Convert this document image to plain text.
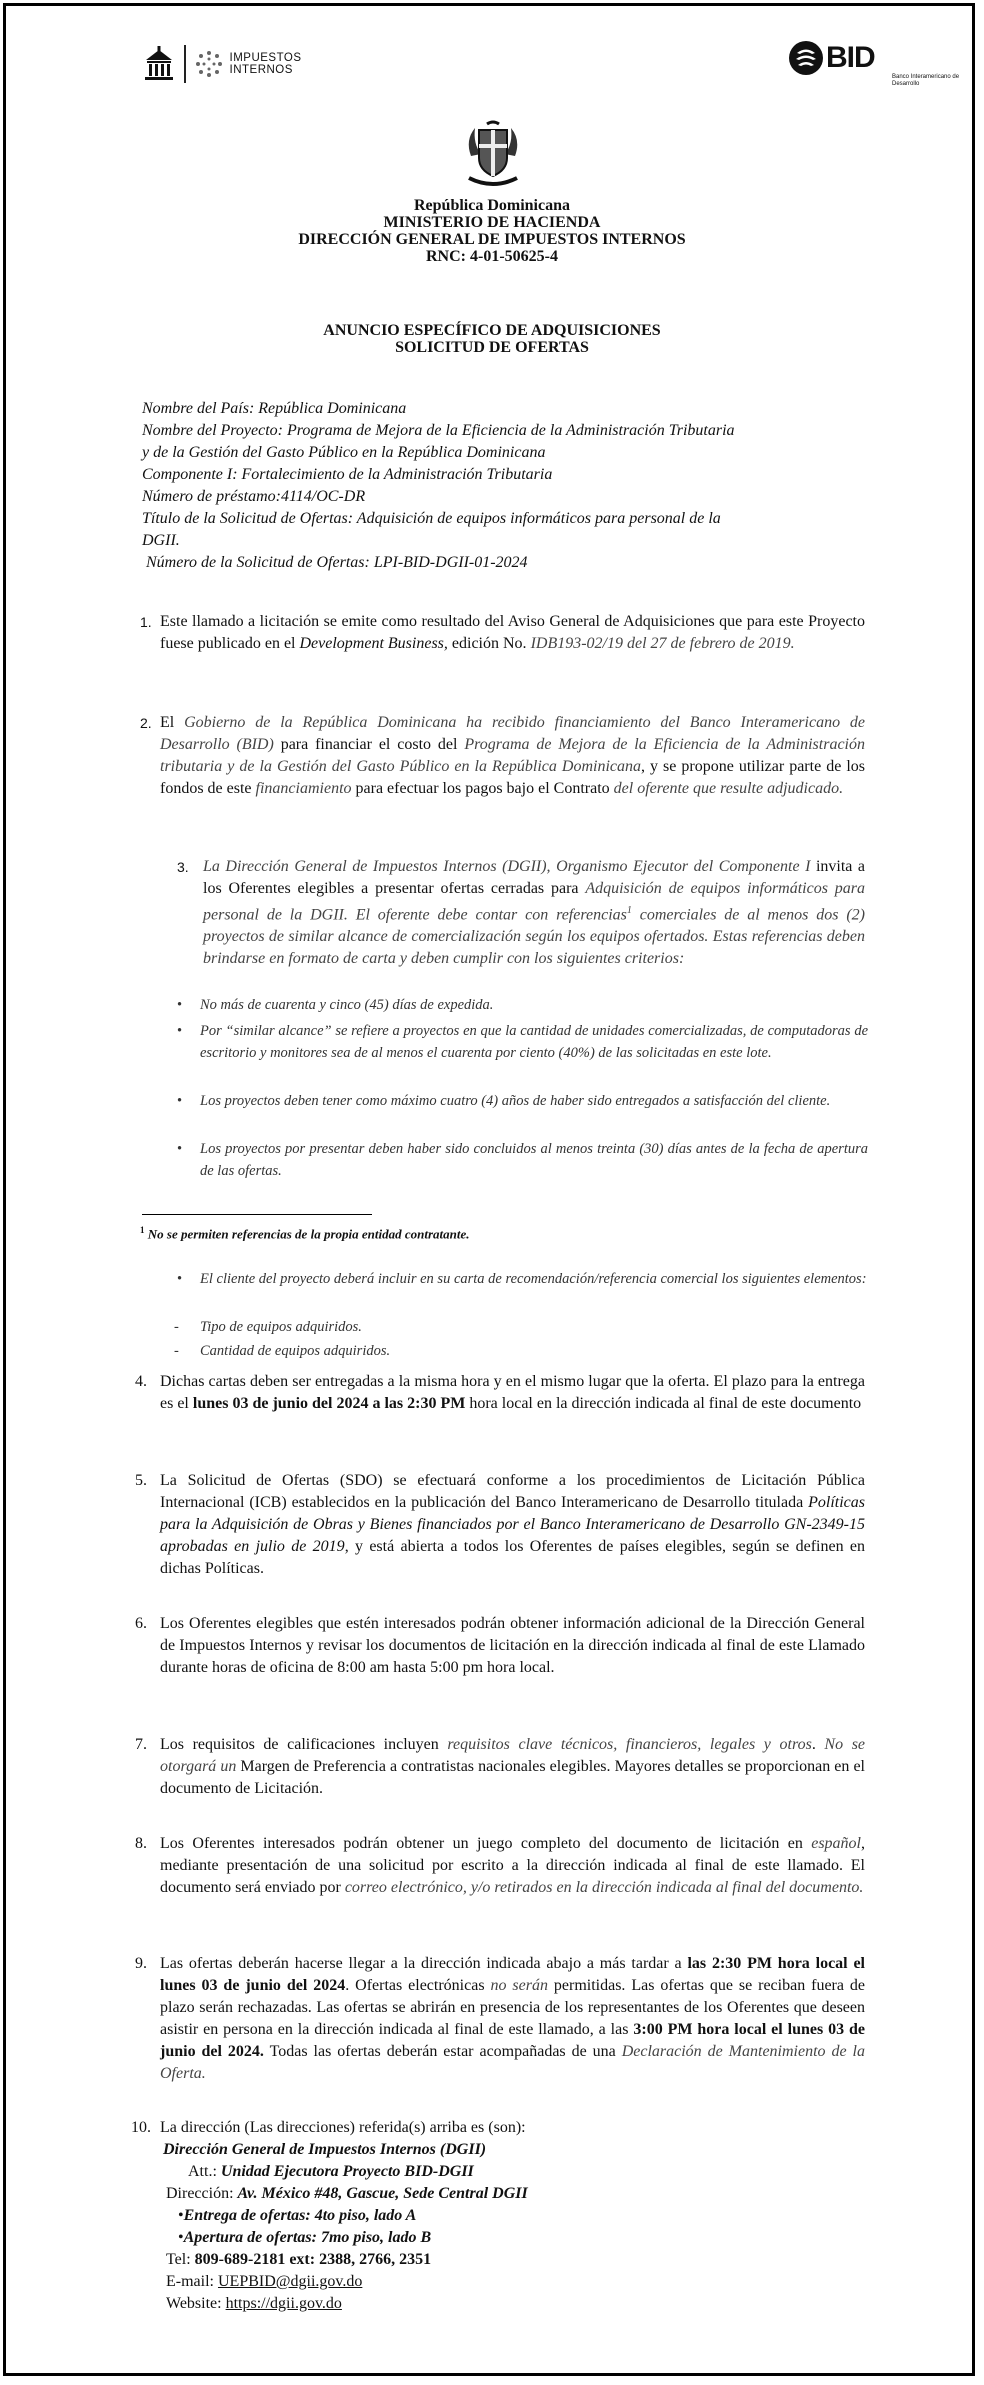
IMPUESTOS
INTERNOS	BID
Banco Interamericano de Desarrollo
República Dominicana
MINISTERIO DE HACIENDA
DIRECCIÓN GENERAL DE IMPUESTOS INTERNOS
RNC: 4-01-50625-4
ANUNCIO ESPECÍFICO DE ADQUISICIONES
SOLICITUD DE OFERTAS
Nombre del País: República Dominicana
Nombre del Proyecto: Programa de Mejora de la Eficiencia de la Administración Tributaria
y de la Gestión del Gasto Público en la República Dominicana
Componente I: Fortalecimiento de la Administración Tributaria
Número de préstamo:4114/OC-DR
Título de la Solicitud de Ofertas: Adquisición de equipos informáticos para personal de la
DGII.
Número de la Solicitud de Ofertas: LPI-BID-DGII-01-2024
1. Este llamado a licitación se emite como resultado del Aviso General de Adquisiciones que para este Proyecto fuese publicado en el Development Business, edición No. IDB193-02/19 del 27 de febrero de 2019.
2. El Gobierno de la República Dominicana ha recibido financiamiento del Banco Interamericano de Desarrollo (BID) para financiar el costo del Programa de Mejora de la Eficiencia de la Administración tributaria y de la Gestión del Gasto Público en la República Dominicana, y se propone utilizar parte de los fondos de este financiamiento para efectuar los pagos bajo el Contrato del oferente que resulte adjudicado.
3. La Dirección General de Impuestos Internos (DGII), Organismo Ejecutor del Componente I invita a los Oferentes elegibles a presentar ofertas cerradas para Adquisición de equipos informáticos para personal de la DGII. El oferente debe contar con referencias$^1$ comerciales de al menos dos (2) proyectos de similar alcance de comercialización según los equipos ofertados. Estas referencias deben brindarse en formato de carta y deben cumplir con los siguientes criterios:
• No más de cuarenta y cinco (45) días de expedida.
• Por “similar alcance” se refiere a proyectos en que la cantidad de unidades comercializadas, de computadoras de escritorio y monitores sea de al menos el cuarenta por ciento (40%) de las solicitadas en este lote.
• Los proyectos deben tener como máximo cuatro (4) años de haber sido entregados a satisfacción del cliente.
• Los proyectos por presentar deben haber sido concluidos al menos treinta (30) días antes de la fecha de apertura de las ofertas.
$^1$ No se permiten referencias de la propia entidad contratante.
• El cliente del proyecto deberá incluir en su carta de recomendación/referencia comercial los siguientes elementos:
- Tipo de equipos adquiridos.
- Cantidad de equipos adquiridos.
4. Dichas cartas deben ser entregadas a la misma hora y en el mismo lugar que la oferta. El plazo para la entrega es el lunes 03 de junio del 2024 a las 2:30 PM hora local en la dirección indicada al final de este documento
5. La Solicitud de Ofertas (SDO) se efectuará conforme a los procedimientos de Licitación Pública Internacional (ICB) establecidos en la publicación del Banco Interamericano de Desarrollo titulada Políticas para la Adquisición de Obras y Bienes financiados por el Banco Interamericano de Desarrollo GN-2349-15 aprobadas en julio de 2019, y está abierta a todos los Oferentes de países elegibles, según se definen en dichas Políticas.
6. Los Oferentes elegibles que estén interesados podrán obtener información adicional de la Dirección General de Impuestos Internos y revisar los documentos de licitación en la dirección indicada al final de este Llamado durante horas de oficina de 8:00 am hasta 5:00 pm hora local.
7. Los requisitos de calificaciones incluyen requisitos clave técnicos, financieros, legales y otros. No se otorgará un Margen de Preferencia a contratistas nacionales elegibles. Mayores detalles se proporcionan en el documento de Licitación.
8. Los Oferentes interesados podrán obtener un juego completo del documento de licitación en español, mediante presentación de una solicitud por escrito a la dirección indicada al final de este llamado. El documento será enviado por correo electrónico, y/o retirados en la dirección indicada al final del documento.
9. Las ofertas deberán hacerse llegar a la dirección indicada abajo a más tardar a las 2:30 PM hora local el lunes 03 de junio del 2024. Ofertas electrónicas no serán permitidas. Las ofertas que se reciban fuera de plazo serán rechazadas. Las ofertas se abrirán en presencia de los representantes de los Oferentes que deseen asistir en persona en la dirección indicada al final de este llamado, a las 3:00 PM hora local el lunes 03 de junio del 2024. Todas las ofertas deberán estar acompañadas de una Declaración de Mantenimiento de la Oferta.
10. La dirección (Las direcciones) referida(s) arriba es (son):
Dirección General de Impuestos Internos (DGII)
Att.: Unidad Ejecutora Proyecto BID-DGII
Dirección: Av. México #48, Gascue, Sede Central DGII
•Entrega de ofertas: 4to piso, lado A
•Apertura de ofertas: 7mo piso, lado B
Tel: 809-689-2181 ext: 2388, 2766, 2351
E-mail: UEPBID@dgii.gov.do
Website: https://dgii.gov.do
